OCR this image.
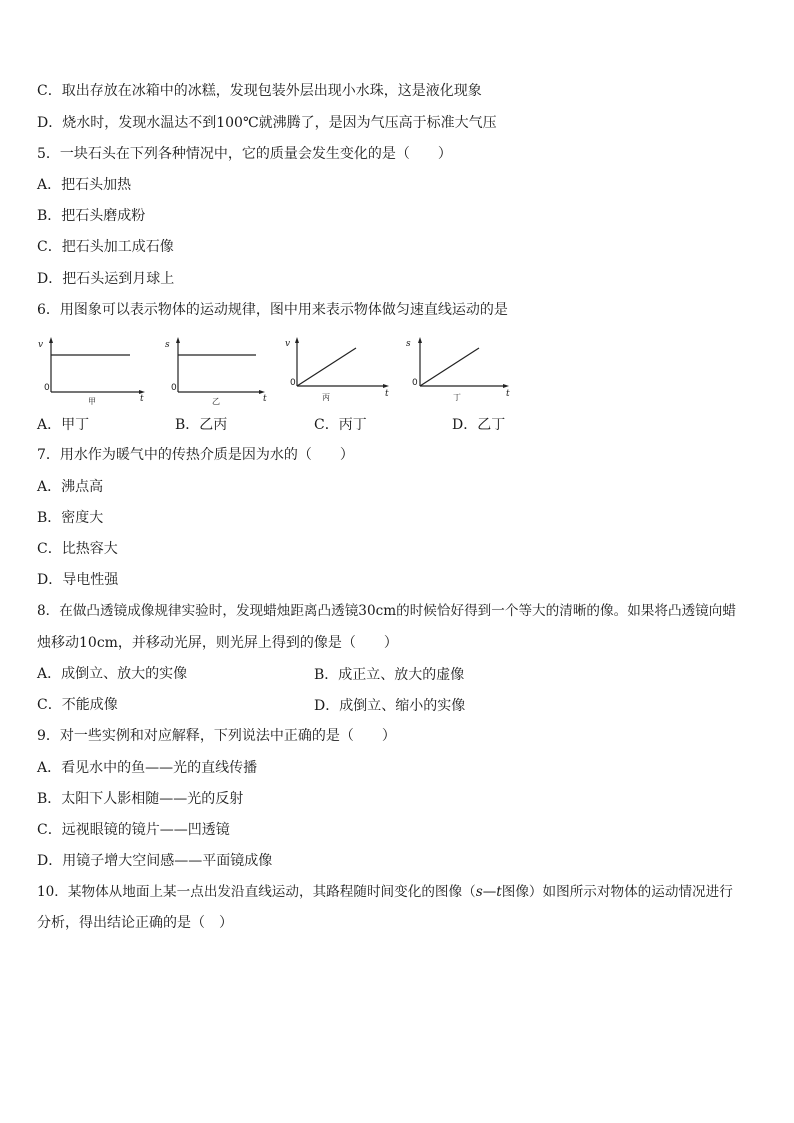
C．取出存放在冰箱中的冰糕，发现包装外层出现小水珠，这是液化现象
D．烧水时，发现水温达不到100℃就沸腾了，是因为气压高于标准大气压
5．一块石头在下列各种情况中，它的质量会发生变化的是（　　）
A．把石头加热
B．把石头磨成粉
C．把石头加工成石像
D．把石头运到月球上
6．用图象可以表示物体的运动规律，图中用来表示物体做匀速直线运动的是
v
t
0
甲
s
t
0
乙
v
t
0
丙
s
t
0
丁
A．甲丁	B．乙丙	C．丙丁	D．乙丁
7．用水作为暖气中的传热介质是因为水的（　　）
A．沸点高
B．密度大
C．比热容大
D．导电性强
8．在做凸透镜成像规律实验时，发现蜡烛距离凸透镜30cm的时候恰好得到一个等大的清晰的像。如果将凸透镜向蜡
烛移动10cm，并移动光屏，则光屏上得到的像是（　　）
A．成倒立、放大的实像	B．成正立、放大的虚像
C．不能成像	D．成倒立、缩小的实像
9．对一些实例和对应解释，下列说法中正确的是（　　）
A．看见水中的鱼——光的直线传播
B．太阳下人影相随——光的反射
C．远视眼镜的镜片——凹透镜
D．用镜子增大空间感——平面镜成像
10．某物体从地面上某一点出发沿直线运动，其路程随时间变化的图像（s—t图像）如图所示对物体的运动情况进行
分析，得出结论正确的是（　）
